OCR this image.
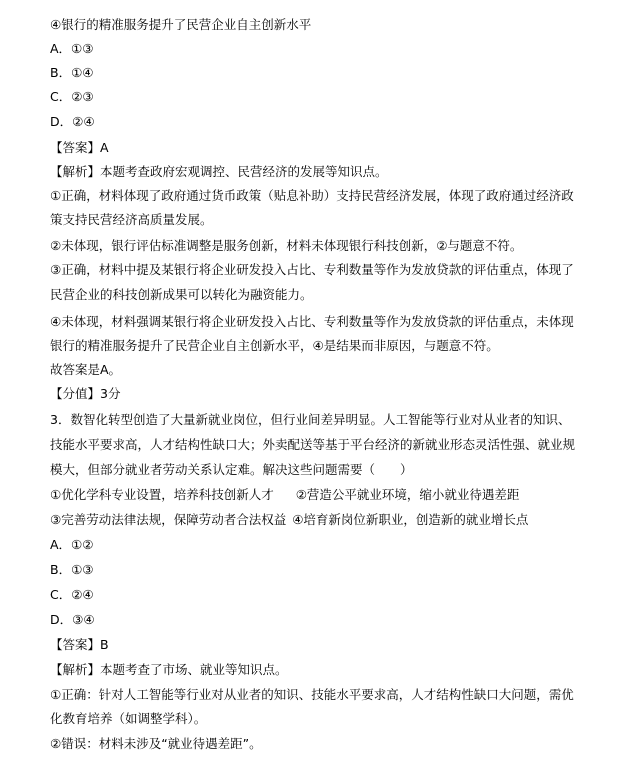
④银行的精准服务提升了民营企业自主创新水平
A．①③
B．①④
C．②③
D．②④
【答案】A
【解析】本题考查政府宏观调控、民营经济的发展等知识点。
①正确，材料体现了政府通过货币政策（贴息补助）支持民营经济发展，体现了政府通过经济政
策支持民营经济高质量发展。
②未体现，银行评估标准调整是服务创新，材料未体现银行科技创新，②与题意不符。
③正确，材料中提及某银行将企业研发投入占比、专利数量等作为发放贷款的评估重点，体现了
民营企业的科技创新成果可以转化为融资能力。
④未体现，材料强调某银行将企业研发投入占比、专利数量等作为发放贷款的评估重点，未体现
银行的精准服务提升了民营企业自主创新水平，④是结果而非原因，与题意不符。
故答案是A。
【分值】3分
3．数智化转型创造了大量新就业岗位，但行业间差异明显。人工智能等行业对从业者的知识、
技能水平要求高，人才结构性缺口大；外卖配送等基于平台经济的新就业形态灵活性强、就业规
模大，但部分就业者劳动关系认定难。解决这些问题需要（　　）
①优化学科专业设置，培养科技创新人才 ②营造公平就业环境，缩小就业待遇差距
③完善劳动法律法规，保障劳动者合法权益 ④培育新岗位新职业，创造新的就业增长点
A．①②
B．①③
C．②④
D．③④
【答案】B
【解析】本题考查了市场、就业等知识点。
①正确：针对人工智能等行业对从业者的知识、技能水平要求高，人才结构性缺口大问题，需优
化教育培养（如调整学科）。
②错误：材料未涉及“就业待遇差距”。
